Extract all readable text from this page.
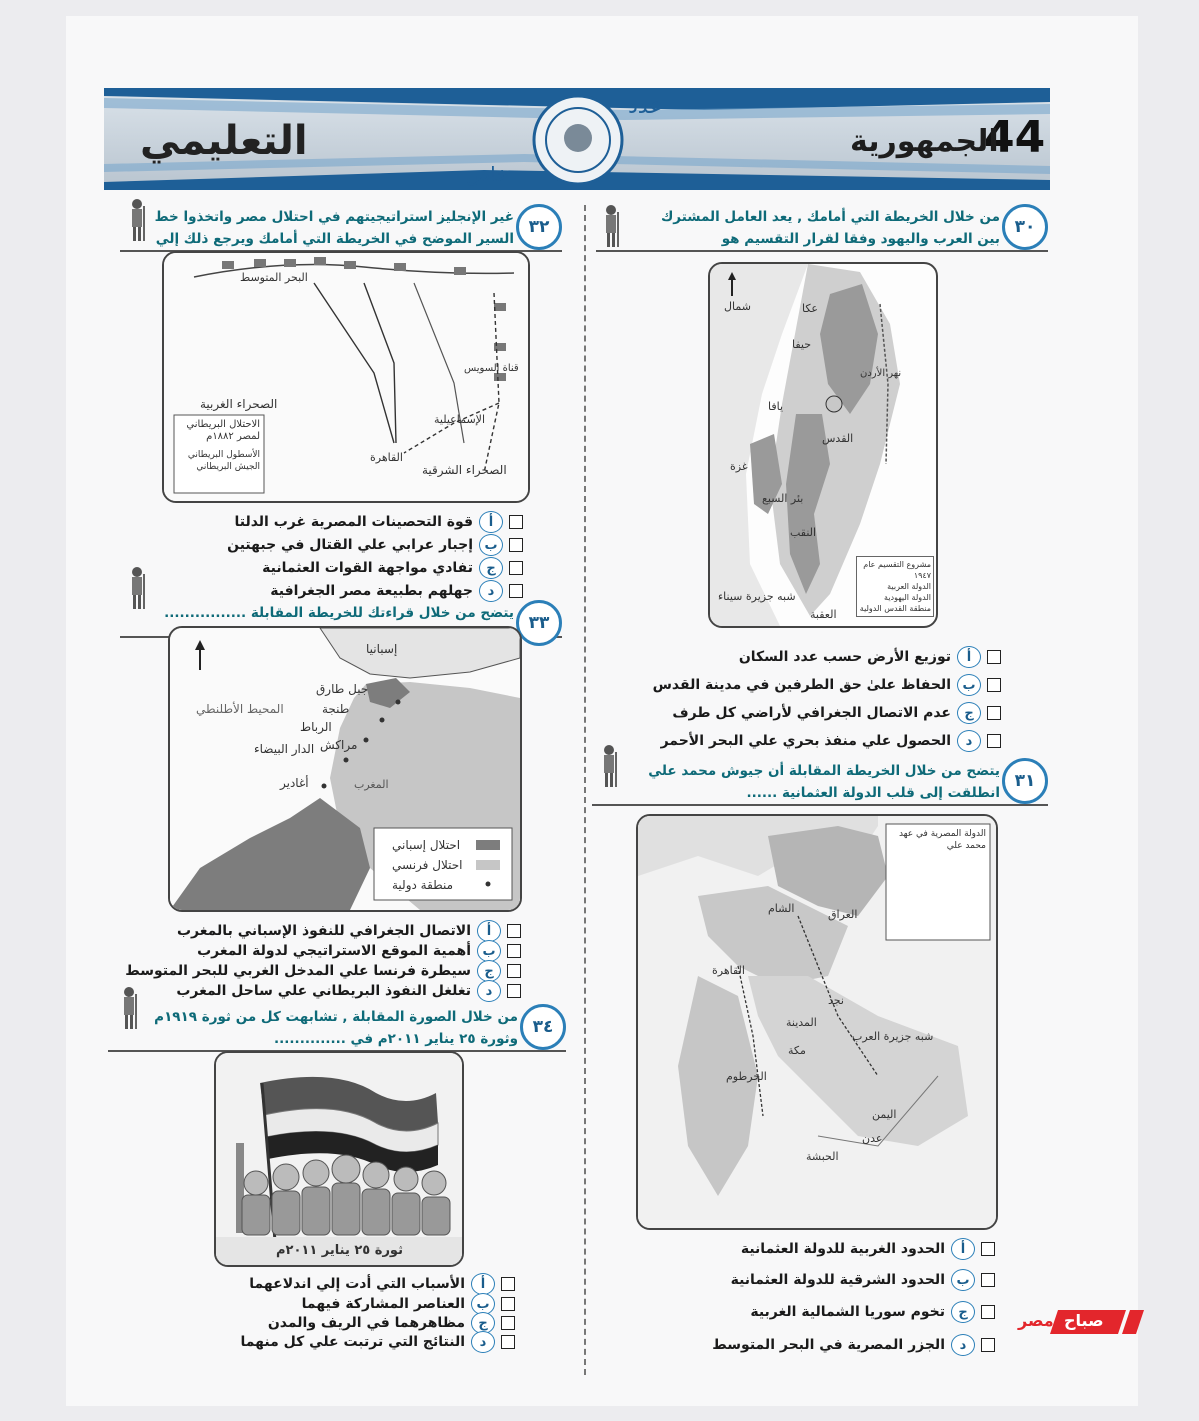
44
الجمهورية
عدد
خاص
التعليمي
٣٠
من خلال الخريطة التي أمامك , يعد العامل المشترك بين العرب واليهود وفقا لقرار التقسيم هو
شمال	عكا
حيفا
يافا
القدس
غزة
بئر السبع
النقب
العقبة
شبه جزيرة سيناء
نهر الأردن
مشروع التقسيم عام ١٩٤٧
الدولة العربية
الدولة اليهودية
منطقة القدس الدولية
أ
توزيع الأرض حسب عدد السكان
ب
الحفاظ علىٰ حق الطرفين في مدينة القدس
ج
عدم الاتصال الجغرافي لأراضي كل طرف
د
الحصول علي منفذ بحري علي البحر الأحمر
٣١
يتضح من خلال الخريطة المقابلة أن جيوش محمد علي انطلقت إلى قلب الدولة العثمانية ......
الدولة المصرية في عهد محمد علي
العراق
الشام
القاهرة
شبه جزيرة العرب
اليمن
الحبشة
مكة
المدينة
نجد
الخرطوم
عدن
أ
الحدود الغربية للدولة العثمانية
ب
الحدود الشرقية للدولة العثمانية
ج
تخوم سوريا الشمالية الغربية
د
الجزر المصرية في البحر المتوسط
صباح
مصر
٣٢
غير الإنجليز استراتيجيتهم في احتلال مصر واتخذوا خط السير الموضح في الخريطة التي أمامك ويرجع ذلك إلي
البحر المتوسط
الصحراء الغربية
الصحراء الشرقية
القاهرة
الإسماعيلية
قناة السويس
الاحتلال البريطاني لمصر ١٨٨٢م
الأسطول البريطاني
الجيش البريطاني
أ
قوة التحصينات المصرية غرب الدلتا
ب
إجبار عرابي علي القتال في جبهتين
ج
تفادي مواجهة القوات العثمانية
د
جهلهم بطبيعة مصر الجغرافية
٣٣
يتضح من خلال قراءتك للخريطة المقابلة ................
إسبانيا
جبل طارق
طنجة
الرباط
الدار البيضاء مراكش
أغادير
المحيط الأطلنطي
المغرب
احتلال إسباني
احتلال فرنسي
منطقة دولية
أ
الاتصال الجغرافي للنفوذ الإسباني بالمغرب
ب
أهمية الموقع الاستراتيجي لدولة المغرب
ج
سيطرة فرنسا علي المدخل الغربي للبحر المتوسط
د
تغلغل النفوذ البريطاني علي ساحل المغرب
٣٤
من خلال الصورة المقابلة , تشابهت كل من ثورة ١٩١٩م وثورة ٢٥ يناير ٢٠١١م في ..............
ثورة ٢٥ يناير ٢٠١١م
أ
الأسباب التي أدت إلي اندلاعهما
ب
العناصر المشاركة فيهما
ج
مظاهرهما في الريف والمدن
د
النتائج التي ترتبت علي كل منهما
